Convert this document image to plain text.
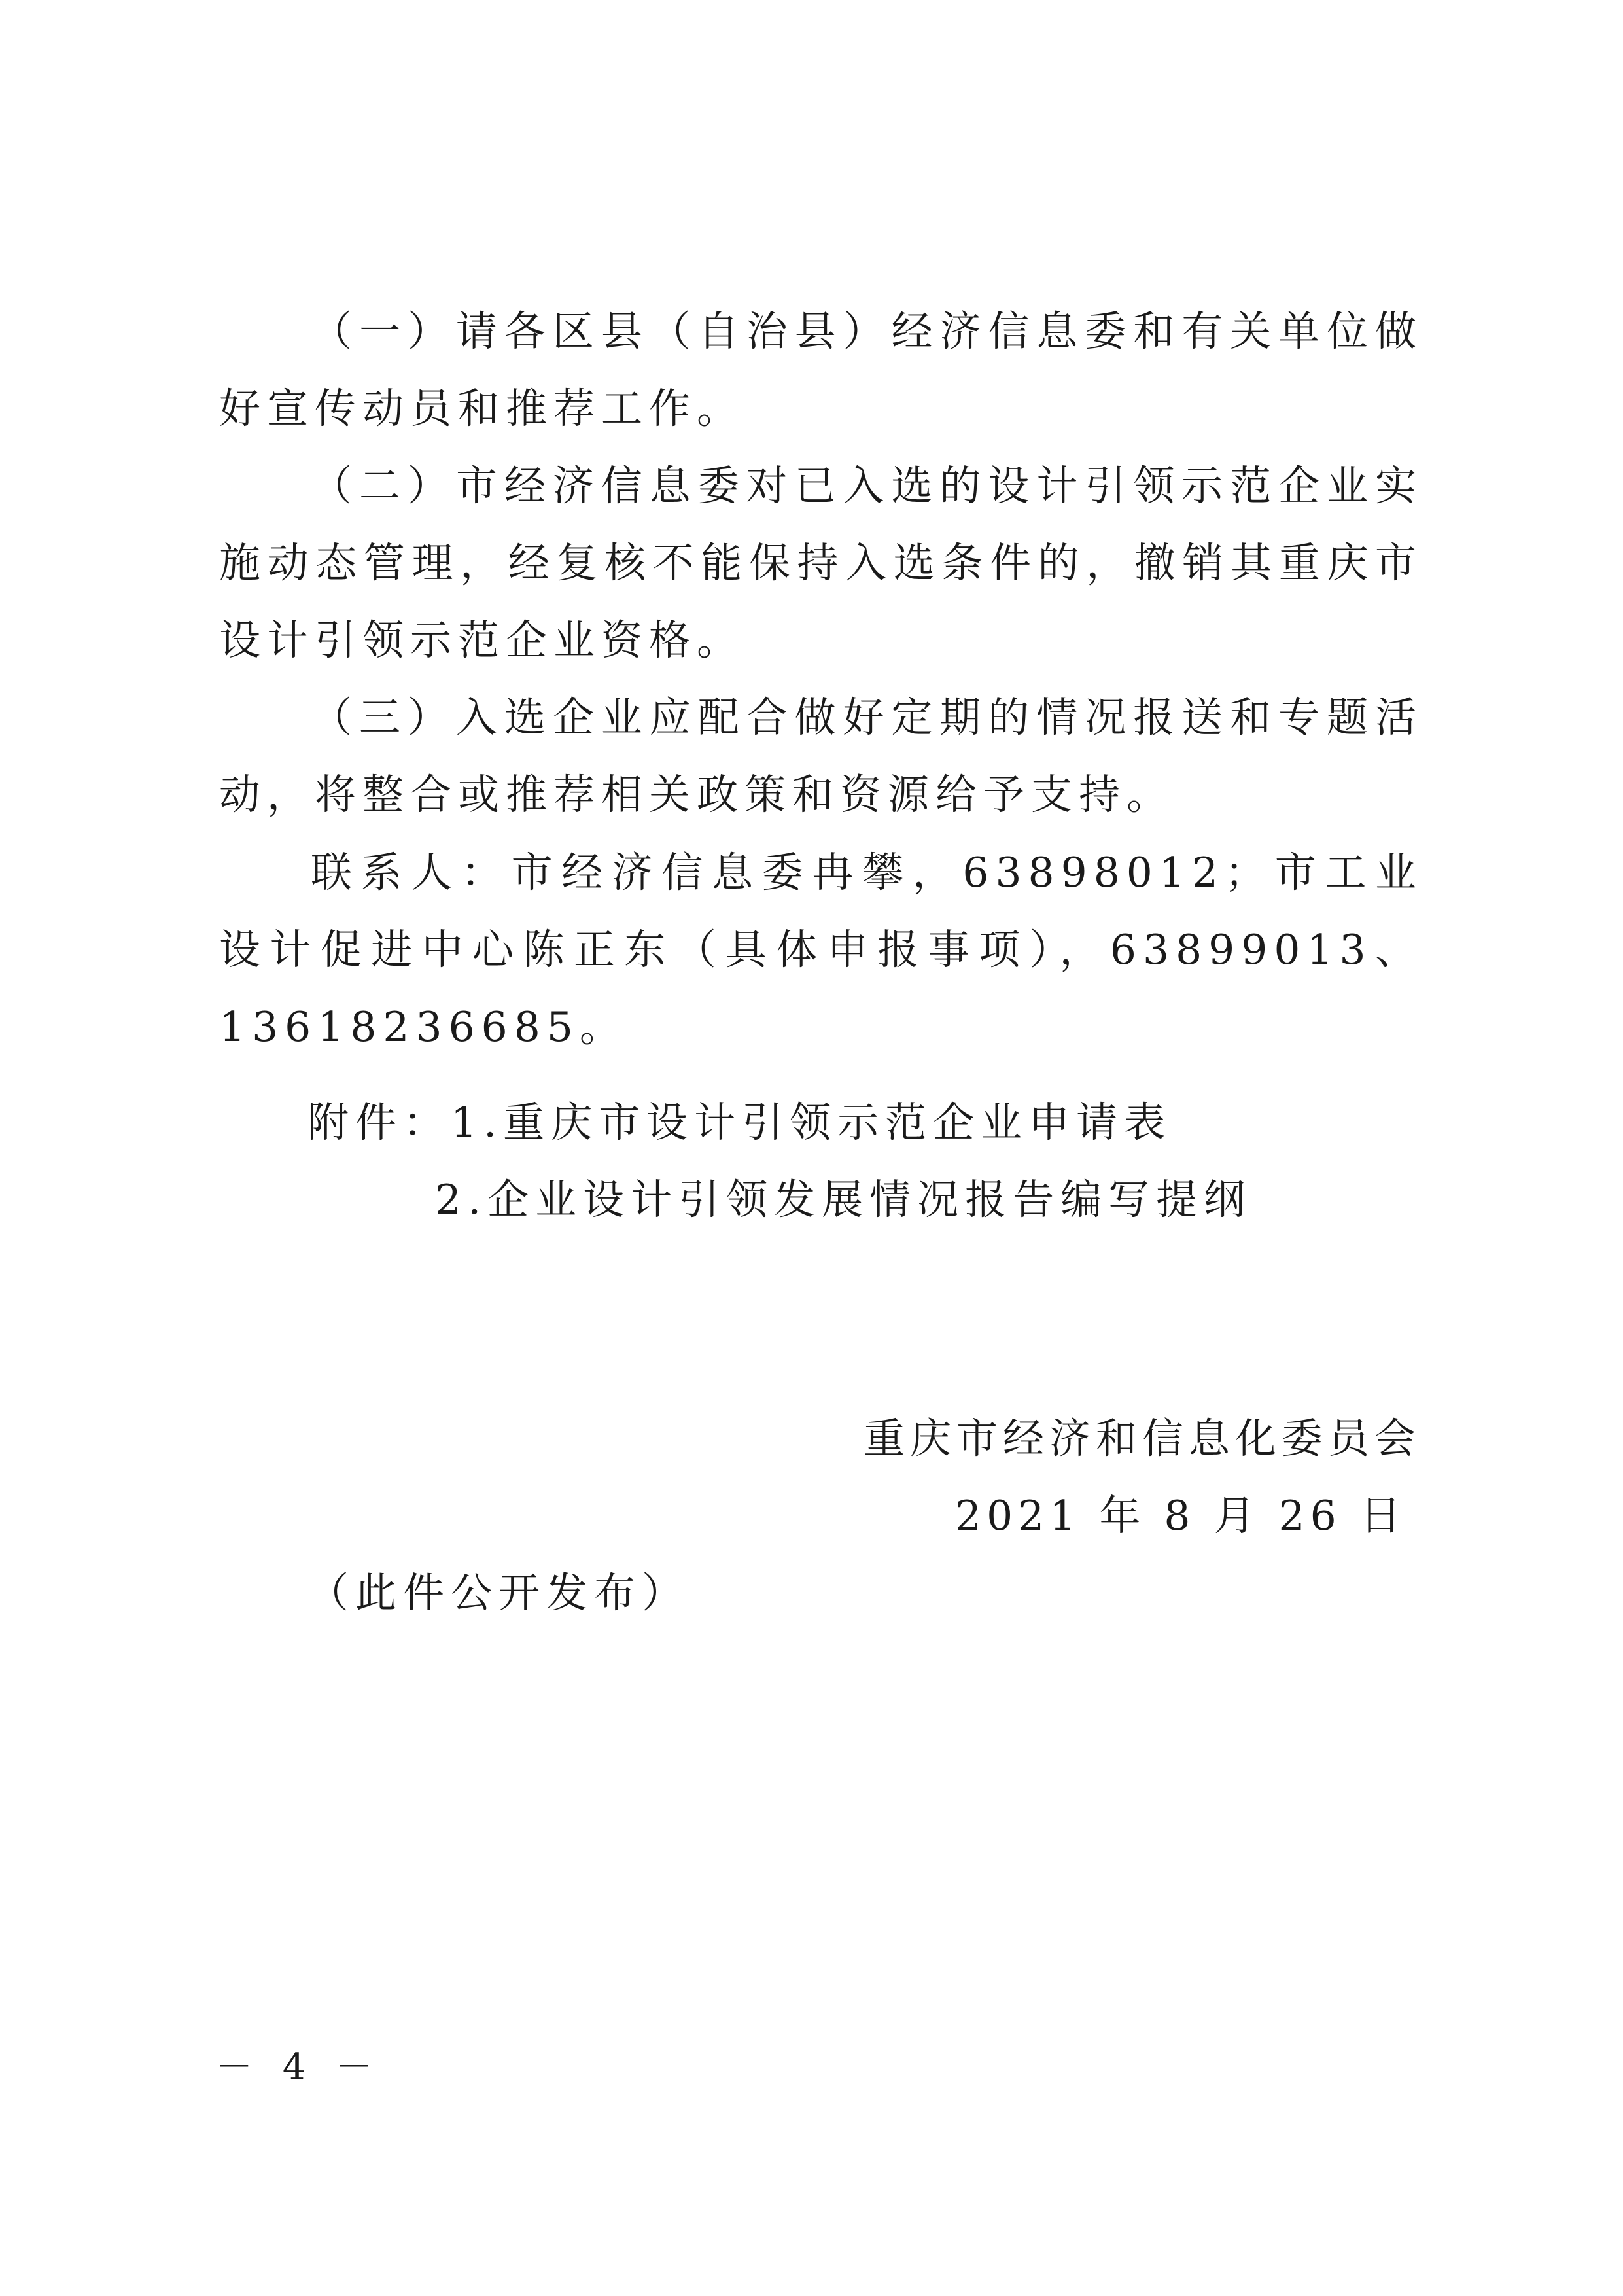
（一）请各区县（自治县）经济信息委和有关单位做好宣传动员和推荐工作。

（二）市经济信息委对已入选的设计引领示范企业实施动态管理，经复核不能保持入选条件的，撤销其重庆市设计引领示范企业资格。

（三）入选企业应配合做好定期的情况报送和专题活动，将整合或推荐相关政策和资源给予支持。

联系人：市经济信息委冉攀，63898012；市工业设计促进中心陈正东（具体申报事项），63899013、13618236685。

附件：1.重庆市设计引领示范企业申请表
2.企业设计引领发展情况报告编写提纲
重庆市经济和信息化委员会
2021 年 8 月 26 日
（此件公开发布）
－ 4 －
